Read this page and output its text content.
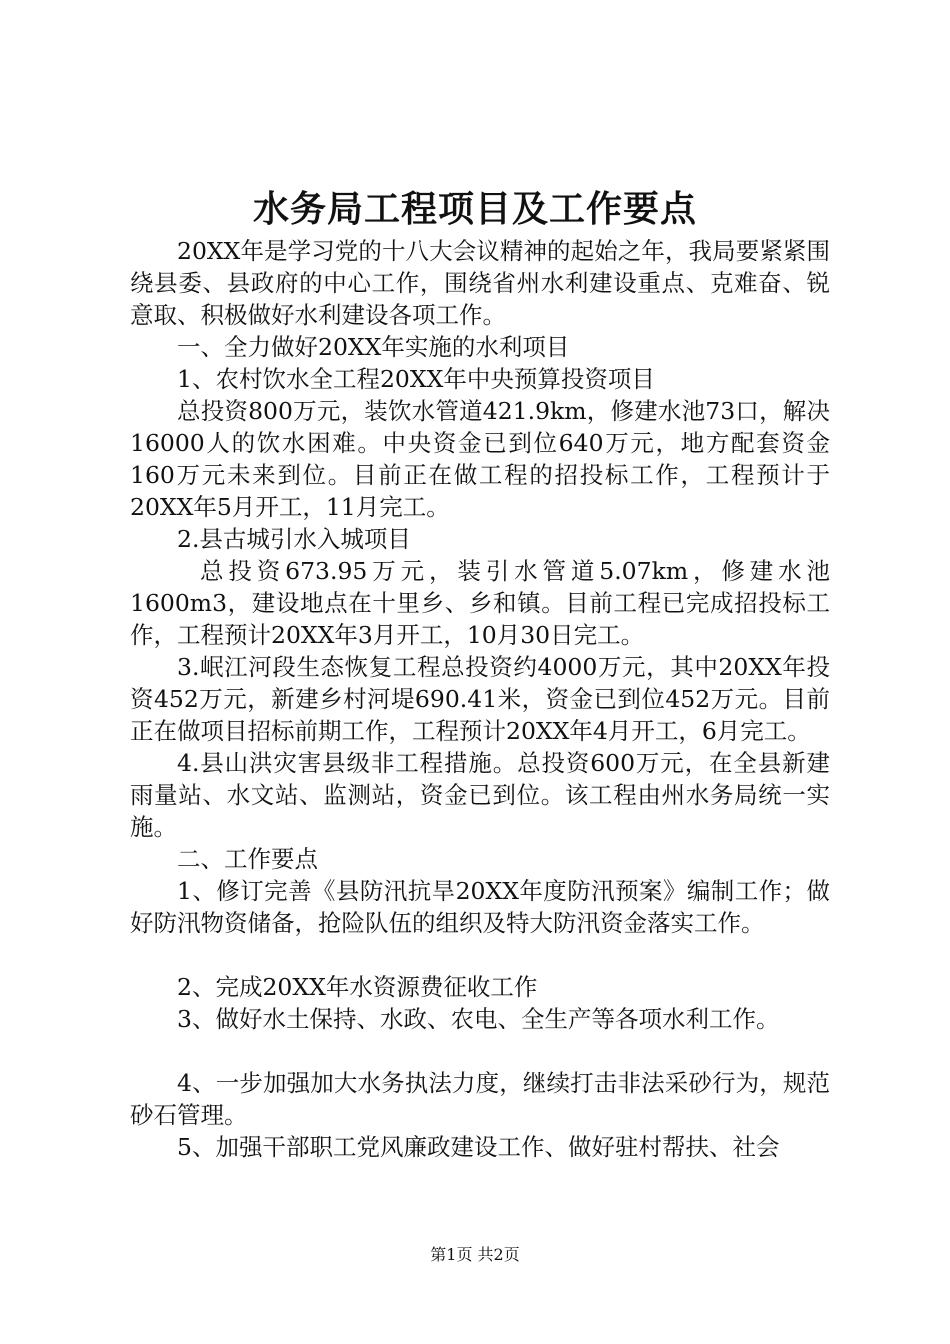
水务局工程项目及工作要点

20XX年是学习党的十八大会议精神的起始之年，我局要紧紧围绕县委、县政府的中心工作，围绕省州水利建设重点、克难奋、锐意取、积极做好水利建设各项工作。

一、全力做好20XX年实施的水利项目

1、农村饮水全工程20XX年中央预算投资项目

总投资800万元，装饮水管道421.9km，修建水池73口，解决16000人的饮水困难。中央资金已到位640万元，地方配套资金160万元未来到位。目前正在做工程的招投标工作，工程预计于20XX年5月开工，11月完工。

2.县古城引水入城项目

总投资673.95万元，装引水管道5.07km，修建水池1600m3，建设地点在十里乡、乡和镇。目前工程已完成招投标工作，工程预计20XX年3月开工，10月30日完工。

3.岷江河段生态恢复工程总投资约4000万元，其中20XX年投资452万元，新建乡村河堤690.41米，资金已到位452万元。目前正在做项目招标前期工作，工程预计20XX年4月开工，6月完工。

4.县山洪灾害县级非工程措施。总投资600万元，在全县新建雨量站、水文站、监测站，资金已到位。该工程由州水务局统一实施。

二、工作要点

1、修订完善《县防汛抗旱20XX年度防汛预案》编制工作；做好防汛物资储备，抢险队伍的组织及特大防汛资金落实工作。

2、完成20XX年水资源费征收工作

3、做好水土保持、水政、农电、全生产等各项水利工作。

4、一步加强加大水务执法力度，继续打击非法采砂行为，规范砂石管理。

5、加强干部职工党风廉政建设工作、做好驻村帮扶、社会

第1页 共2页
